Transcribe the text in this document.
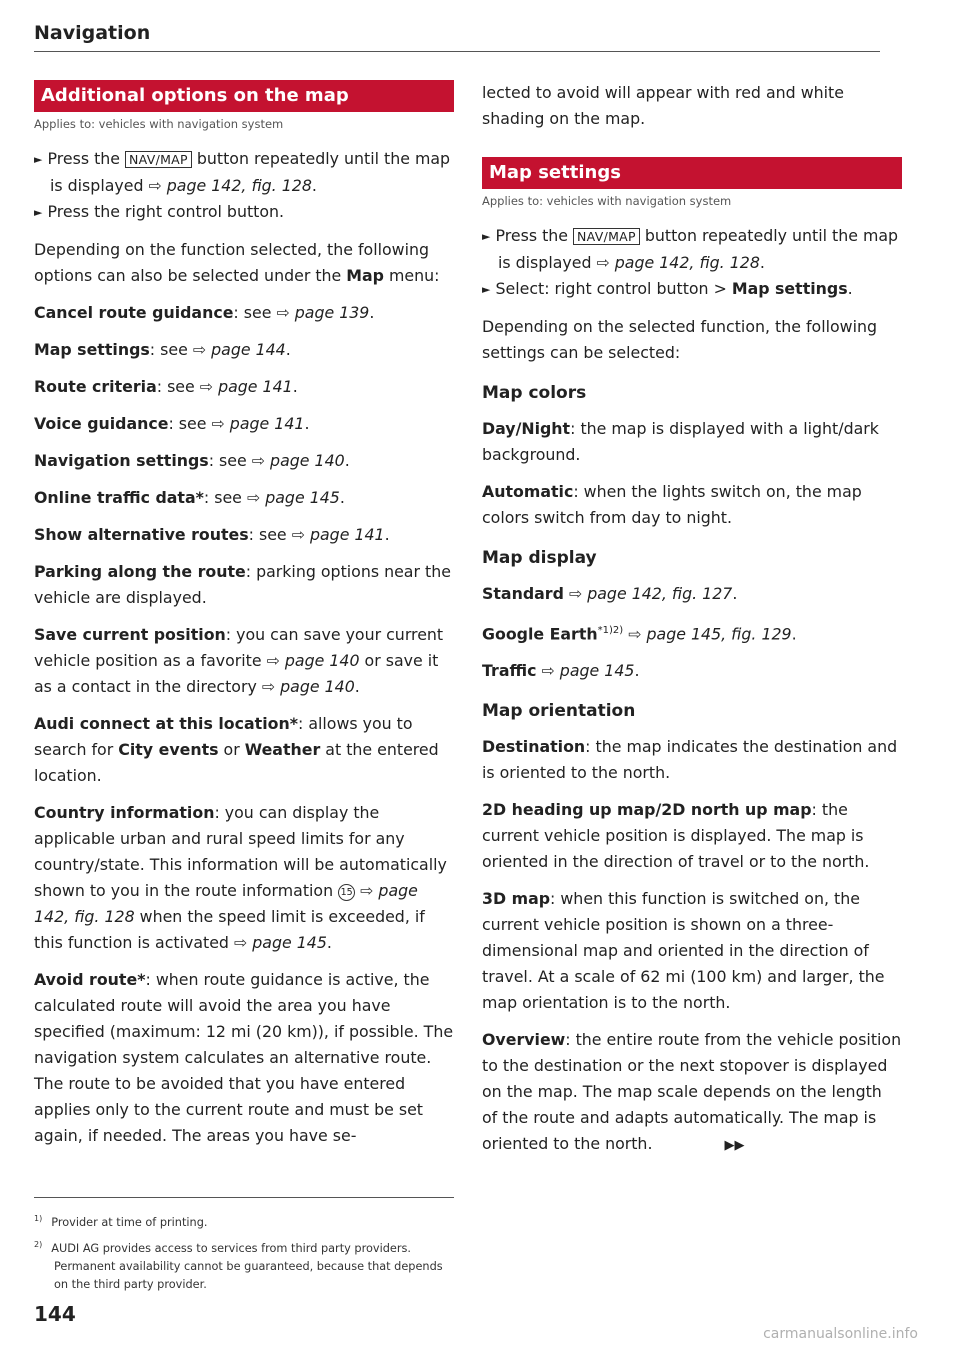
Navigation
Additional options on the map
Applies to: vehicles with navigation system
► Press the NAV/MAP button repeatedly until the map is displayed ⇨ page 142, fig. 128.
► Press the right control button.

Depending on the function selected, the following options can also be selected under the Map menu:

Cancel route guidance: see ⇨ page 139.

Map settings: see ⇨ page 144.

Route criteria: see ⇨ page 141.

Voice guidance: see ⇨ page 141.

Navigation settings: see ⇨ page 140.

Online traffic data*: see ⇨ page 145.

Show alternative routes: see ⇨ page 141.

Parking along the route: parking options near the vehicle are displayed.

Save current position: you can save your current vehicle position as a favorite ⇨ page 140 or save it as a contact in the directory ⇨ page 140.

Audi connect at this location*: allows you to search for City events or Weather at the entered location.

Country information: you can display the applicable urban and rural speed limits for any country/state. This information will be automatically shown to you in the route information 15 ⇨ page 142, fig. 128 when the speed limit is exceeded, if this function is activated ⇨ page 145.

Avoid route*: when route guidance is active, the calculated route will avoid the area you have specified (maximum: 12 mi (20 km)), if possible. The navigation system calculates an alternative route. The route to be avoided that you have entered applies only to the current route and must be set again, if needed. The areas you have se-

lected to avoid will appear with red and white shading on the map.

Map settings
Applies to: vehicles with navigation system
► Press the NAV/MAP button repeatedly until the map is displayed ⇨ page 142, fig. 128.
► Select: right control button > Map settings.

Depending on the selected function, the following settings can be selected:

Map colors

Day/Night: the map is displayed with a light/dark background.

Automatic: when the lights switch on, the map colors switch from day to night.

Map display

Standard ⇨ page 142, fig. 127.

Google Earth$^{*1)2)}$ ⇨ page 145, fig. 129.

Traffic ⇨ page 145.

Map orientation

Destination: the map indicates the destination and is oriented to the north.

2D heading up map/2D north up map: the current vehicle position is displayed. The map is oriented in the direction of travel or to the north.

3D map: when this function is switched on, the current vehicle position is shown on a three-dimensional map and oriented in the direction of travel. At a scale of 62 mi (100 km) and larger, the map orientation is to the north.

Overview: the entire route from the vehicle position to the destination or the next stopover is displayed on the map. The map scale depends on the length of the route and adapts automatically. The map is oriented to the north.	▶▶

$^{1)}$ Provider at time of printing.
$^{2)}$ AUDI AG provides access to services from third party providers. Permanent availability cannot be guaranteed, because that depends on the third party provider.
144
carmanualsonline.info
